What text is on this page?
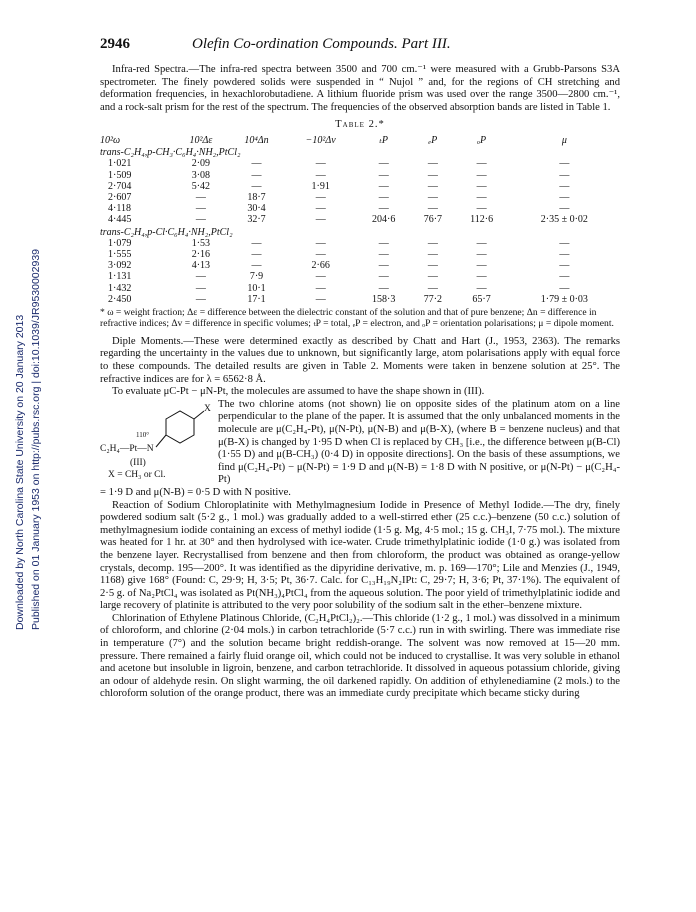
Downloaded by North Carolina State University on 20 January 2013 Published on 01 January 1953 on http://pubs.rsc.org | doi:10.1039/JR9530002939
2946	Olefin Co-ordination Compounds. Part III.

Infra-red Spectra.—The infra-red spectra between 3500 and 700 cm.⁻¹ were measured with a Grubb-Parsons S3A spectrometer. The finely powdered solids were suspended in “ Nujol ” and, for the regions of CH stretching and deformation frequencies, in hexachlorobutadiene. A lithium fluoride prism was used over the range 3500—2800 cm.⁻¹, and a rock-salt prism for the rest of the spectrum. The frequencies of the observed absorption bands are listed in Table 1.

Table 2.*
10²ω	10²Δε	10⁴Δn	−10²Δv	ₜP	ₑP	ₒP	μ
trans-C₂H₄,p-CH₃·C₆H₄·NH₂,PtCl₂							
1·021	2·09	—	—	—	—	—	—
1·509	3·08	—	—	—	—	—	—
2·704	5·42	—	1·91	—	—	—	—
2·607	—	18·7	—	—	—	—	—
4·118	—	30·4	—	—	—	—	—
4·445	—	32·7	—	204·6	76·7	112·6	2·35 ± 0·02
trans-C₂H₄,p-Cl·C₆H₄·NH₂,PtCl₂							
1·079	1·53	—	—	—	—	—	—
1·555	2·16	—	—	—	—	—	—
3·092	4·13	—	2·66	—	—	—	—
1·131	—	7·9	—	—	—	—	—
1·432	—	10·1	—	—	—	—	—
2·450	—	17·1	—	158·3	77·2	65·7	1·79 ± 0·03
* ω = weight fraction; Δε = difference between the dielectric constant of the solution and that of pure benzene; Δn = difference in refractive indices; Δv = difference in specific volumes; ₜP = total, ₑP = electron, and ₒP = orientation polarisations; μ = dipole moment.

Diple Moments.—These were determined exactly as described by Chatt and Hart (J., 1953, 2363). The remarks regarding the uncertainty in the values due to unknown, but significantly large, atom polarisations apply with equal force to these compounds. The detailed results are given in Table 2. Moments were taken in benzene solution at 25°. The refractive indices are for λ = 6562·8 Å.

To evaluate μC-Pt − μN-Pt, the molecules are assumed to have the shape shown in (III).

X
110°
C₂H₄—Pt—N
(III)
X = CH₃ or Cl.

The two chlorine atoms (not shown) lie on opposite sides of the platinum atom on a line perpendicular to the plane of the paper. It is assumed that the only unbalanced moments in the molecule are μ(C₂H₄-Pt), μ(N-Pt), μ(N-B) and μ(B-X), (where B = benzene nucleus) and that μ(B-X) is changed by 1·95 D when Cl is replaced by CH₃ [i.e., the difference between μ(B-Cl) (1·55 D) and μ(B-CH₃) (0·4 D) in opposite directions]. On the basis of these assumptions, we find μ(C₂H₄-Pt) − μ(N-Pt) = 1·9 D and μ(N-B) = 1·8 D with N positive, or μ(N-Pt) − μ(C₂H₄-Pt)

= 1·9 D and μ(N-B) = 0·5 D with N positive.

Reaction of Sodium Chloroplatinite with Methylmagnesium Iodide in Presence of Methyl Iodide.—The dry, finely powdered sodium salt (5·2 g., 1 mol.) was gradually added to a well-stirred ether (25 c.c.)–benzene (50 c.c.) solution of methylmagnesium iodide containing an excess of methyl iodide (1·5 g. Mg, 4·5 mol.; 15 g. CH₃I, 7·75 mol.). The mixture was heated for 1 hr. at 30° and then hydrolysed with ice-water. Crude trimethylplatinic iodide (1·0 g.) was isolated from the benzene layer. Recrystallised from benzene and then from chloroform, the product was obtained as orange-yellow crystals, decomp. 195—200°. It was identified as the dipyridine derivative, m. p. 169—170°; Lile and Menzies (J., 1949, 1168) give 168° (Found: C, 29·9; H, 3·5; Pt, 36·7. Calc. for C₁₃H₁₉N₂IPt: C, 29·7; H, 3·6; Pt, 37·1%). The equivalent of 2·5 g. of Na₂PtCl₄ was isolated as Pt(NH₃)₄PtCl₄ from the aqueous solution. The poor yield of trimethylplatinic iodide and large recovery of platinite is attributed to the very poor solubility of the sodium salt in the ether–benzene mixture.

Chlorination of Ethylene Platinous Chloride, (C₂H₄PtCl₂)₂.—This chloride (1·2 g., 1 mol.) was dissolved in a minimum of chloroform, and chlorine (2·04 mols.) in carbon tetrachloride (5·7 c.c.) run in with swirling. There was immediate rise in temperature (7°) and the solution became bright reddish-orange. The solvent was now removed at 15—20 mm. pressure. There remained a fairly fluid orange oil, which could not be induced to crystallise. It was very soluble in ethanol and acetone but insoluble in ligroin, benzene, and carbon tetrachloride. It dissolved in aqueous potassium chloride, giving an odour of aldehyde resin. On slight warming, the oil darkened rapidly. On addition of ethylenediamine (2 mols.) to the chloroform solution of the orange product, there was an immediate curdy precipitate which became sticky during
